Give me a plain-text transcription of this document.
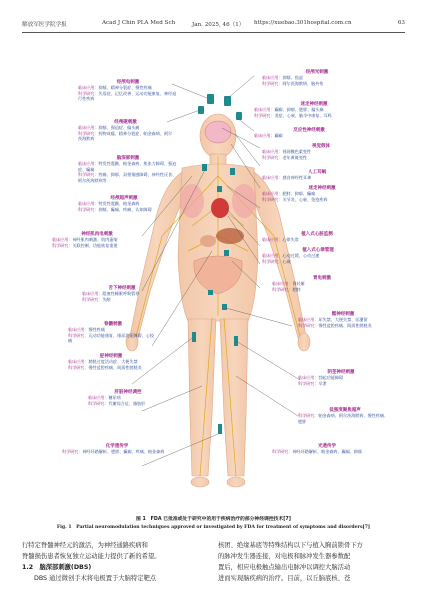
解放军医学院学报	Acad J Chin PLA Med Sch	Jan. 2025, 46（1） https://xuebao.301hospital.com.cn	63
经颅电刺激
临床应用：抑郁、精神分裂症、慢性疼痛
科学研究：失语症、记忆改善、运动功能康复、神经退行性疾病
经颅磁刺激
临床应用：抑郁、强迫症、偏头痛
科学研究：药物成瘾、精神分裂症、帕金森病、阿尔茨海默病
脑深部刺激
临床应用：特发性震颤、帕金森病、肌张力障碍、强迫症、癫痫
科学研究：疼痛、抑郁、双相情感障碍、神经性厌食、阿尔茨海默病等
经颅超声刺激
临床应用：特发性震颤、帕金森病
科学研究：抑郁、癫痫、疼痛、认知障碍
神经肌肉电刺激
临床应用：神经肌肉刺激、肌肉萎缩
科学研究：关联控制、功能恢复重建
舌下神经刺激
临床应用：阻塞性睡眠呼吸暂停
科学研究：失眠
脊髓刺激
临床应用：慢性疼痛
科学研究：运动功能康复、排尿功能障碍、心绞痛
胫神经刺激
临床应用：膀胱过度活动症、大便失禁
科学研究：慢性盆腔疼痛、间质性膀胱炎
肝脏神经调控
临床应用：糖尿病
科学研究：代谢综合征、脂肪肝
化学遗传学
科学研究：神经环路解析、肥胖、癫痫、疼痛、帕金森病
经颅光刺激
临床应用：抑郁、焦虑
科学研究：阿尔茨海默病、脑外伤
迷走神经刺激
临床应用：癫痫、抑郁、肥胖、偏头痛
科学研究：炎症、心衰、脑卒中康复、耳鸣
反应性神经刺激
临床应用：癫痫
视觉假体
临床应用：视网膜色素变性
科学研究：老年黄斑变性
人工耳蜗
临床应用：感音神经性耳聋
迷走神经刺激
临床应用：肥胖、抑郁、癫痫
科学研究：关节炎、心衰、免疫疾病
植入式心脏监测
临床应用：心律失常
植入式心律管理
临床应用：心动过缓、心动过速
科学研究：心衰
胃电刺激
临床应用：胃轻瘫
科学研究：肥胖
骶神经刺激
临床应用：尿失禁、大便失禁、尿潴留
科学研究：慢性盆腔疼痛、间质性膀胱炎
阴茎神经刺激
临床应用：勃起功能障碍
科学研究：早泄
低强度聚焦超声
科学研究：帕金森病、阿尔茨海默病、慢性疼痛、肥胖
光遗传学
科学研究：神经环路解析、帕金森病、癫痫、抑郁
图 1　FDA 已批准或处于研究中的用于疾病治疗的部分神经调控技术[7]
Fig. 1　Partial neuromodulation techniques approved or investigated by FDA for treatment of symptoms and disorders[7]

行特定脊髓神经元的激活，为神经通路疾病和

脊髓损伤患者恢复独立运动能力提供了新的希望。

1.2　脑深部刺激(DBS)

DBS 通过微创手术将电极置于大脑特定靶点

核团、绝缘基底等特殊结构以下与植入胸前锁骨下方

的脉冲发生器连接，对电极和脉冲发生器参数配

置后，相应电极触点输出电脉冲以调控大脑活动

进而实现脑疾病的治疗。目前，以丘脑底核、苍
